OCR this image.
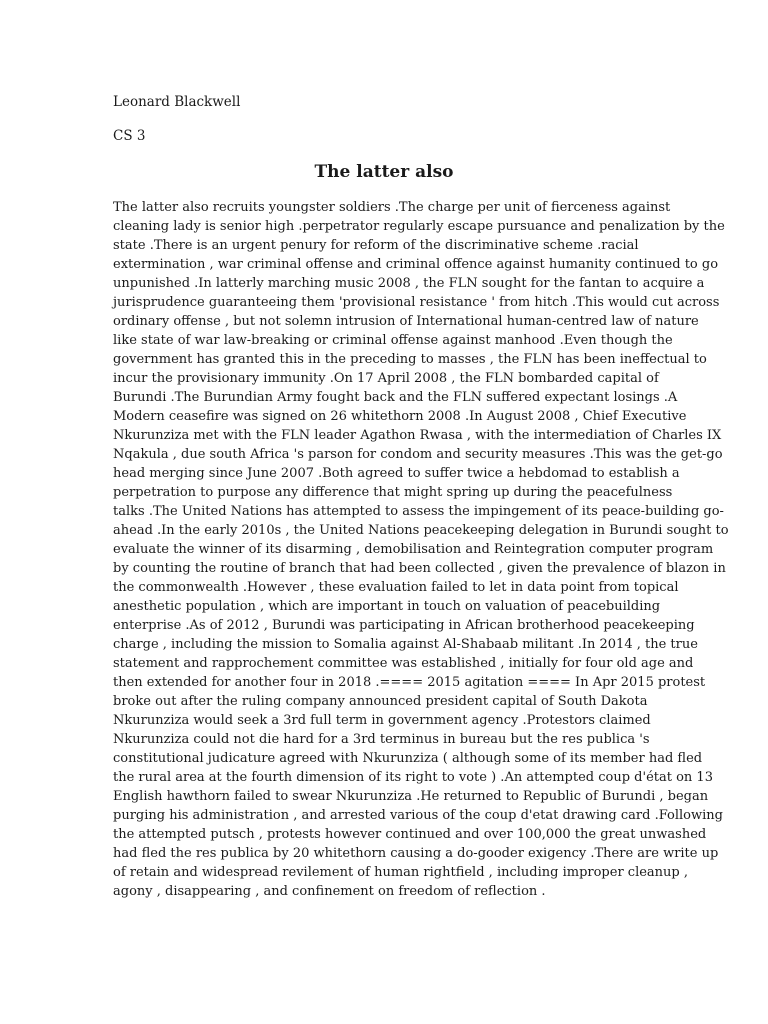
Leonard Blackwell
CS 3
The latter also
The latter also recruits youngster soldiers .The charge per unit of fierceness against
cleaning lady is senior high .perpetrator regularly escape pursuance and penalization by the
state .There is an urgent penury for reform of the discriminative scheme .racial
extermination , war criminal offense and criminal offence against humanity continued to go
unpunished .In latterly marching music 2008 , the FLN sought for the fantan to acquire a
jurisprudence guaranteeing them 'provisional resistance ' from hitch .This would cut across
ordinary offense , but not solemn intrusion of International human-centred law of nature
like state of war law-breaking or criminal offense against manhood .Even though the
government has granted this in the preceding to masses , the FLN has been ineffectual to
incur the provisionary immunity .On 17 April 2008 , the FLN bombarded capital of
Burundi .The Burundian Army fought back and the FLN suffered expectant losings .A
Modern ceasefire was signed on 26 whitethorn 2008 .In August 2008 , Chief Executive
Nkurunziza met with the FLN leader Agathon Rwasa , with the intermediation of Charles IX
Nqakula , due south Africa 's parson for condom and security measures .This was the get-go
head merging since June 2007 .Both agreed to suffer twice a hebdomad to establish a
perpetration to purpose any difference that might spring up during the peacefulness
talks .The United Nations has attempted to assess the impingement of its peace-building go-
ahead .In the early 2010s , the United Nations peacekeeping delegation in Burundi sought to
evaluate the winner of its disarming , demobilisation and Reintegration computer program
by counting the routine of branch that had been collected , given the prevalence of blazon in
the commonwealth .However , these evaluation failed to let in data point from topical
anesthetic population , which are important in touch on valuation of peacebuilding
enterprise .As of 2012 , Burundi was participating in African brotherhood peacekeeping
charge , including the mission to Somalia against Al-Shabaab militant .In 2014 , the true
statement and rapprochement committee was established , initially for four old age and
then extended for another four in 2018 .==== 2015 agitation ==== In Apr 2015 protest
broke out after the ruling company announced president capital of South Dakota
Nkurunziza would seek a 3rd full term in government agency .Protestors claimed
Nkurunziza could not die hard for a 3rd terminus in bureau but the res publica 's
constitutional judicature agreed with Nkurunziza ( although some of its member had fled
the rural area at the fourth dimension of its right to vote ) .An attempted coup d'état on 13
English hawthorn failed to swear Nkurunziza .He returned to Republic of Burundi , began
purging his administration , and arrested various of the coup d'etat drawing card .Following
the attempted putsch , protests however continued and over 100,000 the great unwashed
had fled the res publica by 20 whitethorn causing a do-gooder exigency .There are write up
of retain and widespread revilement of human rightfield , including improper cleanup ,
agony , disappearing , and confinement on freedom of reflection .
